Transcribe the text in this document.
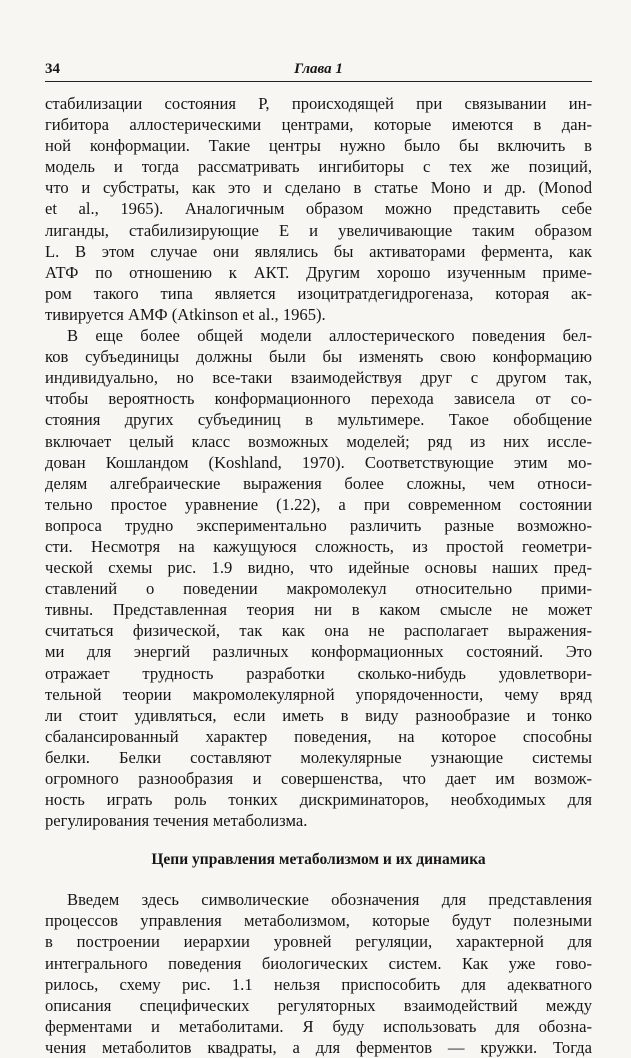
34	Глава 1
стабилизации состояния Р, происходящей при связывании ин-
гибитора аллостерическими центрами, которые имеются в дан-
ной конформации. Такие центры нужно было бы включить в
модель и тогда рассматривать ингибиторы с тех же позиций,
что и субстраты, как это и сделано в статье Моно и др. (Monod
et al., 1965). Аналогичным образом можно представить себе
лиганды, стабилизирующие Е и увеличивающие таким образом
L. В этом случае они являлись бы активаторами фермента, как
АТФ по отношению к АКТ. Другим хорошо изученным приме-
ром такого типа является изоцитратдегидрогеназа, которая ак-
тивируется АМФ (Atkinson et al., 1965).
В еще более общей модели аллостерического поведения бел-
ков субъединицы должны были бы изменять свою конформацию
индивидуально, но все-таки взаимодействуя друг с другом так,
чтобы вероятность конформационного перехода зависела от со-
стояния других субъединиц в мультимере. Такое обобщение
включает целый класс возможных моделей; ряд из них иссле-
дован Кошландом (Koshland, 1970). Соответствующие этим мо-
делям алгебраические выражения более сложны, чем относи-
тельно простое уравнение (1.22), а при современном состоянии
вопроса трудно экспериментально различить разные возможно-
сти. Несмотря на кажущуюся сложность, из простой геометри-
ческой схемы рис. 1.9 видно, что идейные основы наших пред-
ставлений о поведении макромолекул относительно прими-
тивны. Представленная теория ни в каком смысле не может
считаться физической, так как она не располагает выражения-
ми для энергий различных конформационных состояний. Это
отражает трудность разработки сколько-нибудь удовлетвори-
тельной теории макромолекулярной упорядоченности, чему вряд
ли стоит удивляться, если иметь в виду разнообразие и тонко
сбалансированный характер поведения, на которое способны
белки. Белки составляют молекулярные узнающие системы
огромного разнообразия и совершенства, что дает им возмож-
ность играть роль тонких дискриминаторов, необходимых для
регулирования течения метаболизма.
Цепи управления метаболизмом и их динамика
Введем здесь символические обозначения для представления
процессов управления метаболизмом, которые будут полезными
в построении иерархии уровней регуляции, характерной для
интегрального поведения биологических систем. Как уже гово-
рилось, схему рис. 1.1 нельзя приспособить для адекватного
описания специфических регуляторных взаимодействий между
ферментами и метаболитами. Я буду использовать для обозна-
чения метаболитов квадраты, а для ферментов — кружки. Тогда
